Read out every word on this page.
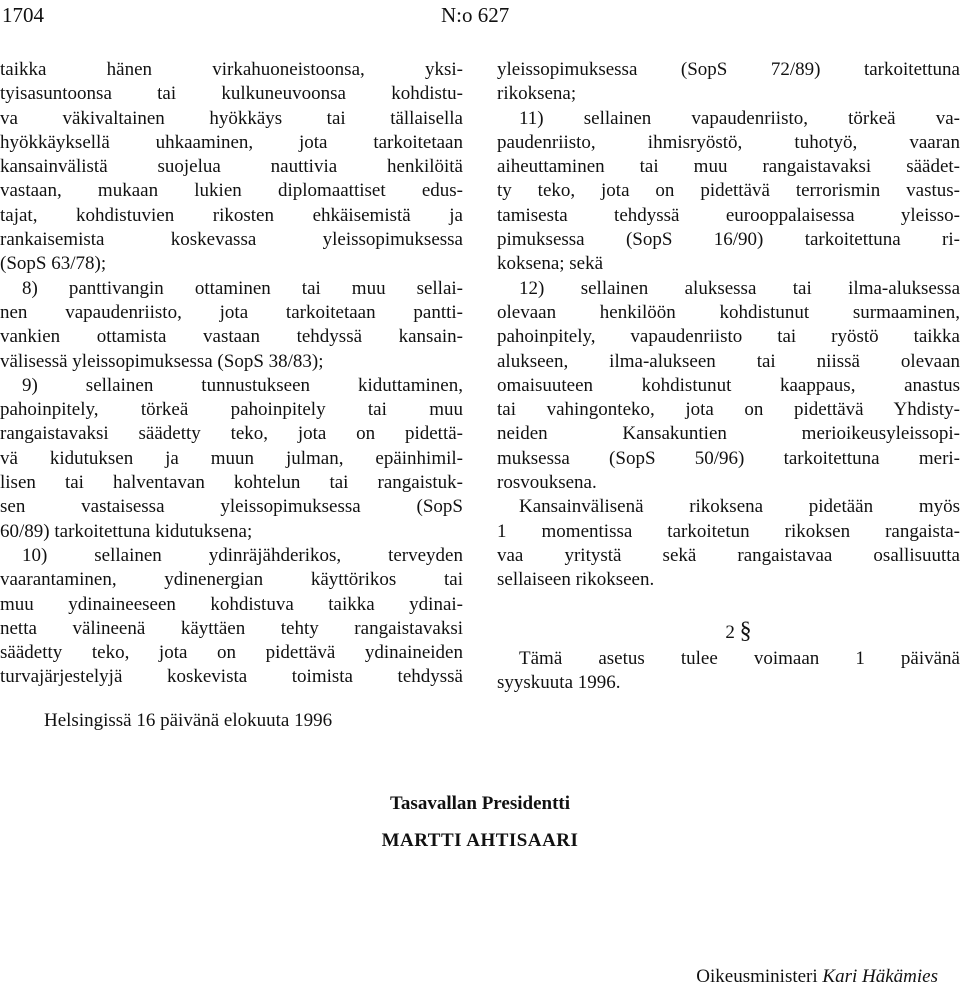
1704	N:o 627

taikka hänen virkahuoneistoonsa, yksi-

tyisasuntoonsa tai kulkuneuvoonsa kohdistu-

va väkivaltainen hyökkäys tai tällaisella

hyökkäyksellä uhkaaminen, jota tarkoitetaan

kansainvälistä suojelua nauttivia henkilöitä

vastaan, mukaan lukien diplomaattiset edus-

tajat, kohdistuvien rikosten ehkäisemistä ja

rankaisemista koskevassa yleissopimuksessa

(SopS 63/78);

8) panttivangin ottaminen tai muu sellai-

nen vapaudenriisto, jota tarkoitetaan pantti-

vankien ottamista vastaan tehdyssä kansain-

välisessä yleissopimuksessa (SopS 38/83);

9) sellainen tunnustukseen kiduttaminen,

pahoinpitely, törkeä pahoinpitely tai muu

rangaistavaksi säädetty teko, jota on pidettä-

vä kidutuksen ja muun julman, epäinhimil-

lisen tai halventavan kohtelun tai rangaistuk-

sen vastaisessa yleissopimuksessa (SopS

60/89) tarkoitettuna kidutuksena;

10) sellainen ydinräjähderikos, terveyden

vaarantaminen, ydinenergian käyttörikos tai

muu ydinaineeseen kohdistuva taikka ydinai-

netta välineenä käyttäen tehty rangaistavaksi

säädetty teko, jota on pidettävä ydinaineiden

turvajärjestelyjä koskevista toimista tehdyssä

yleissopimuksessa (SopS 72/89) tarkoitettuna

rikoksena;

11) sellainen vapaudenriisto, törkeä va-

paudenriisto, ihmisryöstö, tuhotyö, vaaran

aiheuttaminen tai muu rangaistavaksi säädet-

ty teko, jota on pidettävä terrorismin vastus-

tamisesta tehdyssä eurooppalaisessa yleisso-

pimuksessa (SopS 16/90) tarkoitettuna ri-

koksena; sekä

12) sellainen aluksessa tai ilma-aluksessa

olevaan henkilöön kohdistunut surmaaminen,

pahoinpitely, vapaudenriisto tai ryöstö taikka

alukseen, ilma-alukseen tai niissä olevaan

omaisuuteen kohdistunut kaappaus, anastus

tai vahingonteko, jota on pidettävä Yhdisty-

neiden Kansakuntien merioikeusyleissopi-

muksessa (SopS 50/96) tarkoitettuna meri-

rosvouksena.

Kansainvälisenä rikoksena pidetään myös

1 momentissa tarkoitetun rikoksen rangaista-

vaa yritystä sekä rangaistavaa osallisuutta

sellaiseen rikokseen.

2 §

Tämä asetus tulee voimaan 1 päivänä

syyskuuta 1996.

Helsingissä 16 päivänä elokuuta 1996
Tasavallan Presidentti
MARTTI AHTISAARI
Oikeusministeri Kari Häkämies
